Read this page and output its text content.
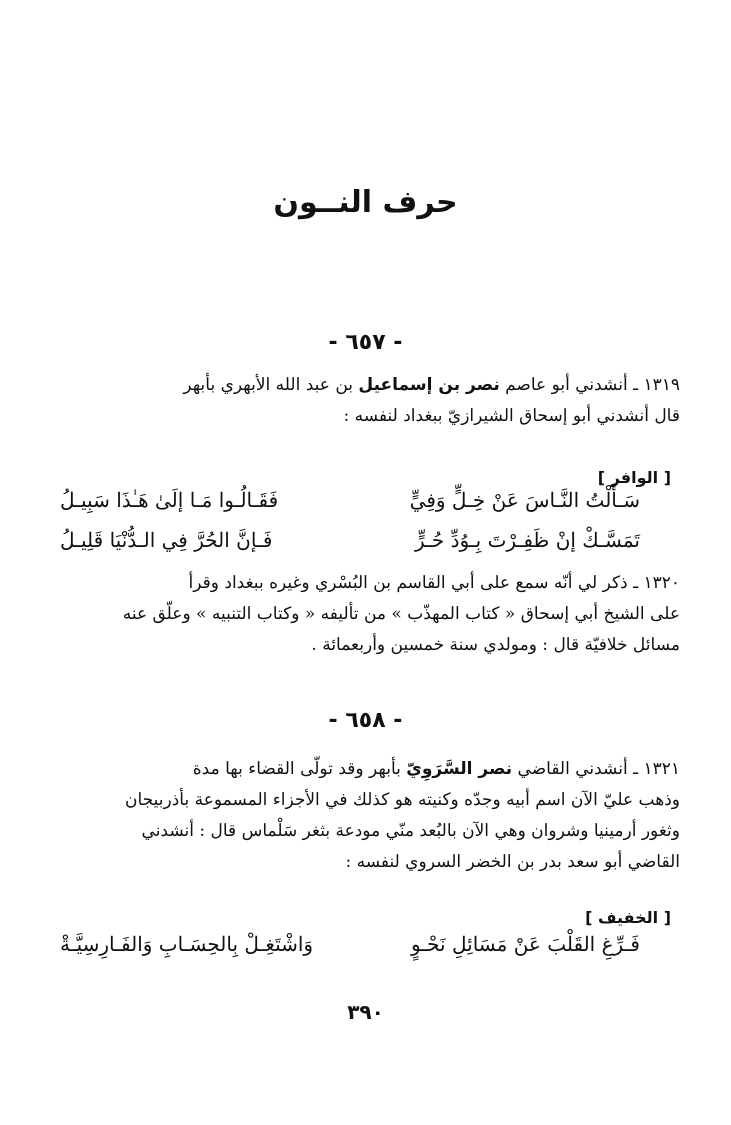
حرف النــون
- ٦٥٧ -
١٣١٩ ـ أنشدني أبو عاصم نصر بن إسماعيل بن عبد الله الأبهري بأبهر
قال أنشدني أبو إسحاق الشيرازيّ ببغداد لنفسه :
[ الوافر ]
سَـأَلْتُ النَّـاسَ عَنْ خِـلٍّ وَفِيٍّ
فَقَـالُـوا مَـا إلَىٰ هَـٰذَا سَبِيـلُ
تَمَسَّـكْ إنْ ظَفِـرْتَ بِـوُدِّ حُـرٍّ
فَـإنَّ الحُرَّ فِي الـدُّنْيَا قَلِيـلُ
١٣٢٠ ـ ذكر لي أنّه سمع على أبي القاسم بن البُسْري وغيره ببغداد وقرأ
على الشيخ أبي إسحاق « كتاب المهذّب » من تأليفه « وكتاب التنبيه » وعلّق عنه
مسائل خلافيّة قال : ومولدي سنة خمسين وأربعمائة .
- ٦٥٨ -
١٣٢١ ـ أنشدني القاضي نصر السَّرَوِيّ بأبهر وقد تولّى القضاء بها مدة
وذهب عليّ الآن اسم أبيه وجدّه وكنيته هو كذلك في الأجزاء المسموعة بأذربيجان
وثغور أرمينيا وشروان وهي الآن بالبُعد منّي مودعة بثغر سَلْماس قال : أنشدني
القاضي أبو سعد بدر بن الخضر السروي لنفسه :
[ الخفيف ]
فَـرِّغِ القَلْبَ عَنْ مَسَائِلِ نَحْـوٍ
وَاشْتَغِـلْ بِالحِسَـابِ وَالفَـارِسِيَّـةْ
٣٩٠
